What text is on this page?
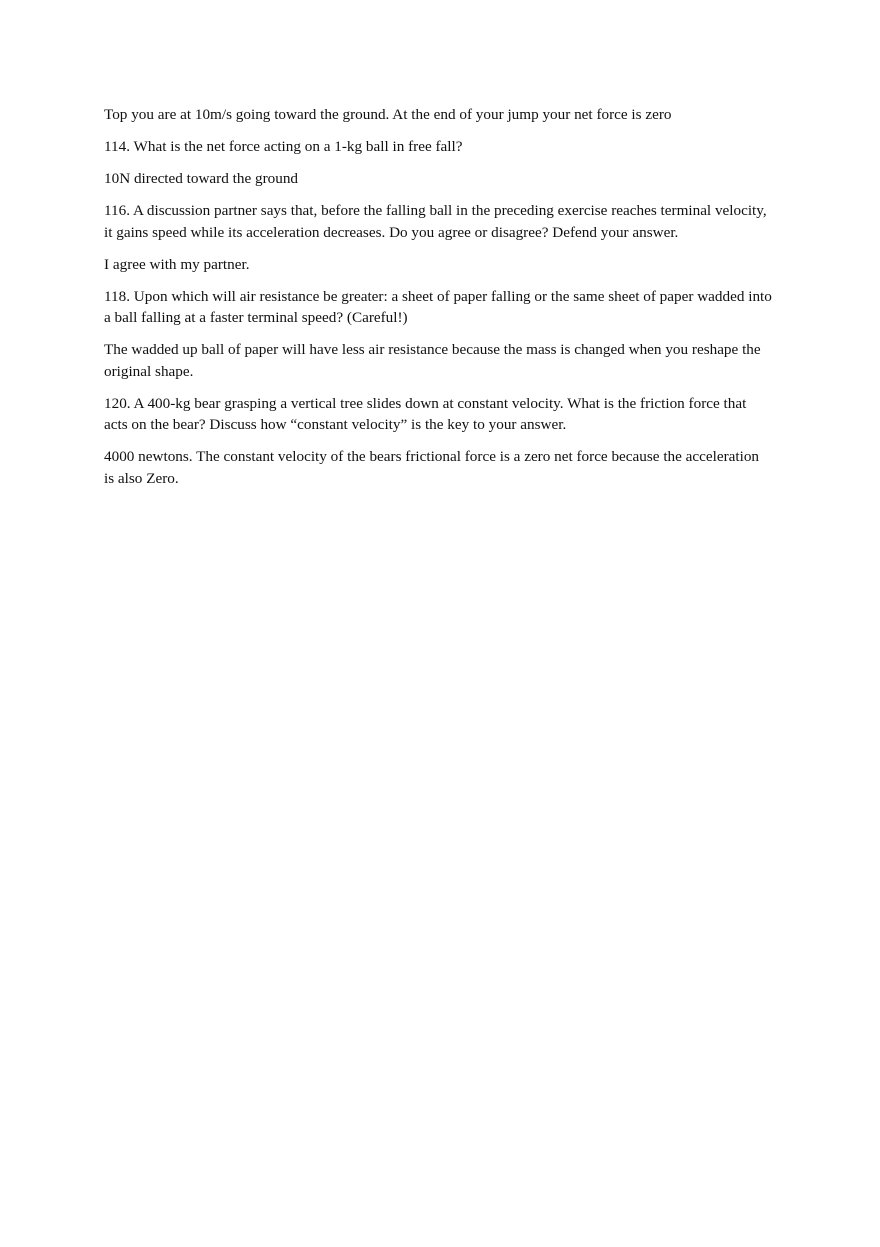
Top you are at 10m/s going toward the ground. At the end of your jump your net force is zero

114. What is the net force acting on a 1-kg ball in free fall?

10N directed toward the ground

116. A discussion partner says that, before the falling ball in the preceding exercise reaches terminal velocity, it gains speed while its acceleration decreases. Do you agree or disagree? Defend your answer.

I agree with my partner.

118. Upon which will air resistance be greater: a sheet of paper falling or the same sheet of paper wadded into a ball falling at a faster terminal speed? (Careful!)

The wadded up ball of paper will have less air resistance because the mass is changed when you reshape the original shape.

120. A 400-kg bear grasping a vertical tree slides down at constant velocity. What is the friction force that acts on the bear? Discuss how “constant velocity” is the key to your answer.

4000 newtons. The constant velocity of the bears frictional force is a zero net force because the acceleration is also Zero.
